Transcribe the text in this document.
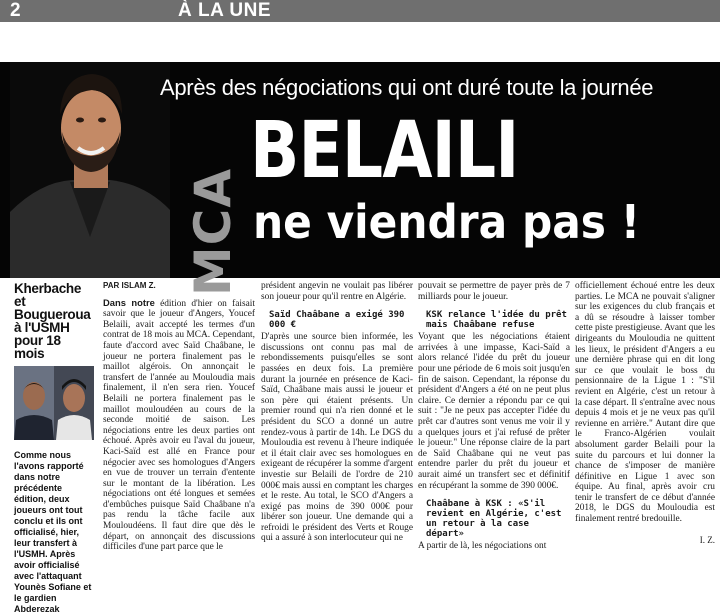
2	À LA UNE
Après des négociations qui ont duré toute la journée
MCA
BELAILI
ne viendra pas !
Kherbache et Bougueroua à l'USMH pour 18 mois
Comme nous l'avons rapporté dans notre précédente édition, deux joueurs ont tout conclu et ils ont officialisé, hier, leur transfert à l'USMH. Après avoir officialisé avec l'attaquant Younès Sofiane et le gardien Abderezak
PAR ISLAM Z.

Dans notre édition d'hier on faisait savoir que le joueur d'Angers, Youcef Belaili, avait accepté les termes d'un contrat de 18 mois au MCA. Cependant, faute d'accord avec Saïd Chaâbane, le joueur ne portera finalement pas le maillot algérois. On annonçait le transfert de l'année au Mouloudia mais finalement, il n'en sera rien. Youcef Belaili ne portera finalement pas le maillot mouloudéen au cours de la seconde moitié de saison. Les négociations entre les deux parties ont échoué. Après avoir eu l'aval du joueur, Kaci-Saïd est allé en France pour négocier avec ses homologues d'Angers en vue de trouver un terrain d'entente sur le montant de la libération. Les négociations ont été longues et semées d'embûches puisque Saïd Chaâbane n'a pas rendu la tâche facile aux Mouloudéens. Il faut dire que dès le départ, on annonçait des discussions difficiles d'une part parce que le

président angevin ne voulait pas libérer son joueur pour qu'il rentre en Algérie.

Saïd Chaâbane a exigé 390 000 €

D'après une source bien informée, les discussions ont connu pas mal de rebondissements puisqu'elles se sont passées en deux fois. La première durant la journée en présence de Kaci-Saïd, Chaâbane mais aussi le joueur et son père qui étaient présents. Un premier round qui n'a rien donné et le président du SCO a donné un autre rendez-vous à partir de 14h. Le DGS du Mouloudia est revenu à l'heure indiquée et il était clair avec ses homologues en exigeant de récupérer la somme d'argent investie sur Belaili de l'ordre de 210 000€ mais aussi en comptant les charges et le reste. Au total, le SCO d'Angers a exigé pas moins de 390 000€ pour libérer son joueur. Une demande qui a refroidi le président des Verts et Rouge qui a assuré à son interlocuteur qui ne

pouvait se permettre de payer près de 7 milliards pour le joueur.

KSK relance l'idée du prêt mais Chaâbane refuse

Voyant que les négociations étaient arrivées à une impasse, Kaci-Saïd a alors relancé l'idée du prêt du joueur pour une période de 6 mois soit jusqu'en fin de saison. Cependant, la réponse du président d'Angers a été on ne peut plus claire. Ce dernier a répondu par ce qui suit : "Je ne peux pas accepter l'idée du prêt car d'autres sont venus me voir il y a quelques jours et j'ai refusé de prêter le joueur." Une réponse claire de la part de Saïd Chaâbane qui ne veut pas entendre parler du prêt du joueur et aurait aimé un transfert sec et définitif en récupérant la somme de 390 000€.

Chaâbane à KSK : «S'il revient en Algérie, c'est un retour à la case départ»

A partir de là, les négociations ont

officiellement échoué entre les deux parties. Le MCA ne pouvait s'aligner sur les exigences du club français et a dû se résoudre à laisser tomber cette piste prestigieuse. Avant que les dirigeants du Mouloudia ne quittent les lieux, le président d'Angers a eu une dernière phrase qui en dit long sur ce que voulait le boss du pensionnaire de la Ligue 1 : "S'il revient en Algérie, c'est un retour à la case départ. Il s'entraîne avec nous depuis 4 mois et je ne veux pas qu'il revienne en arrière." Autant dire que le Franco-Algérien voulait absolument garder Belaili pour la suite du parcours et lui donner la chance de s'imposer de manière définitive en Ligue 1 avec son équipe. Au final, après avoir cru tenir le transfert de ce début d'année 2018, le DGS du Mouloudia est finalement rentré bredouille.

I. Z.
